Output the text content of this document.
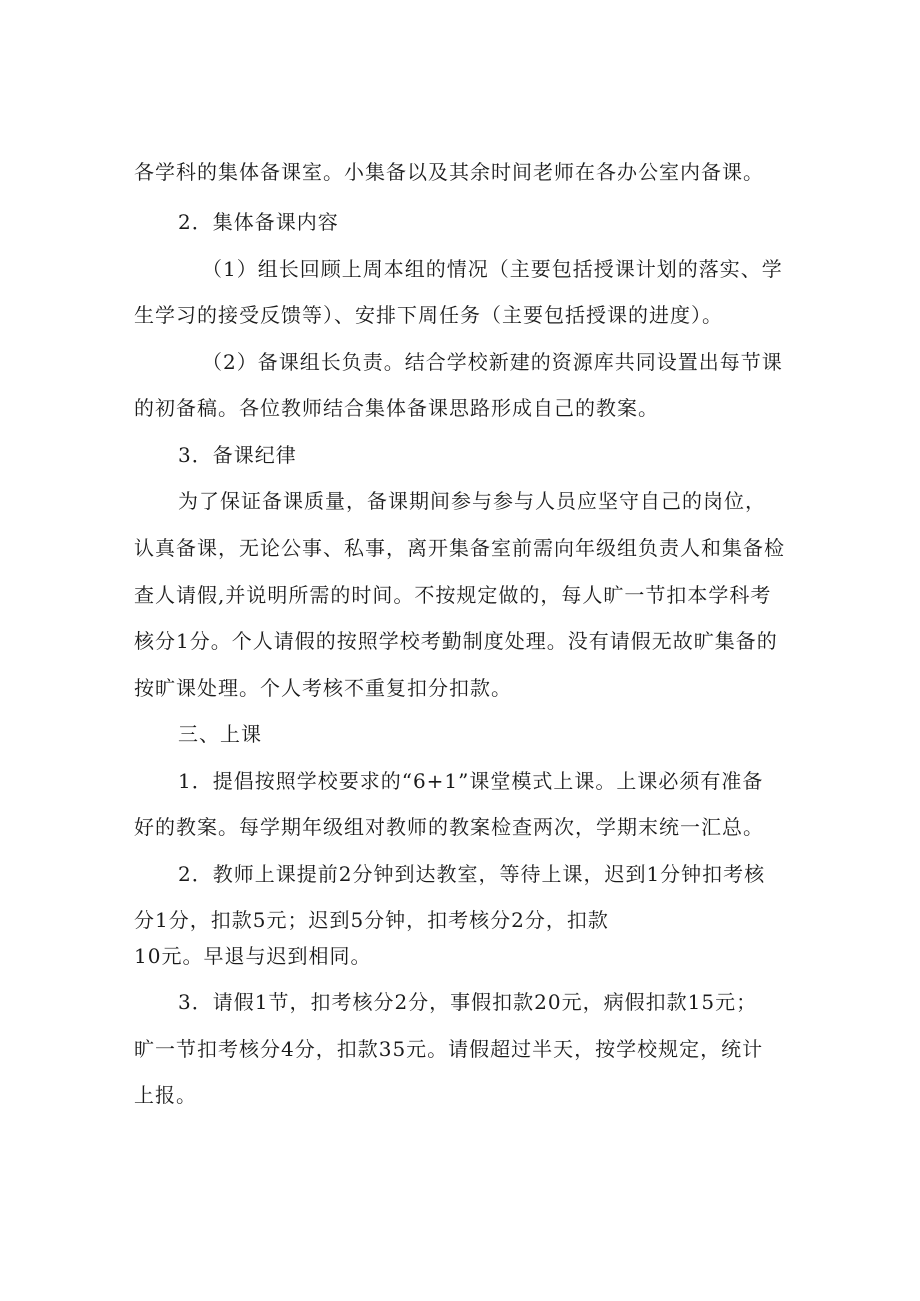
各学科的集体备课室。小集备以及其余时间老师在各办公室内备课。
2．集体备课内容
（1）组长回顾上周本组的情况（主要包括授课计划的落实、学
生学习的接受反馈等）、安排下周任务（主要包括授课的进度）。
（2）备课组长负责。结合学校新建的资源库共同设置出每节课
的初备稿。各位教师结合集体备课思路形成自己的教案。
3．备课纪律
为了保证备课质量，备课期间参与参与人员应坚守自己的岗位，
认真备课，无论公事、私事，离开集备室前需向年级组负责人和集备检
查人请假,并说明所需的时间。不按规定做的，每人旷一节扣本学科考
核分1分。个人请假的按照学校考勤制度处理。没有请假无故旷集备的
按旷课处理。个人考核不重复扣分扣款。
三、上课
1．提倡按照学校要求的“6+1”课堂模式上课。上课必须有准备
好的教案。每学期年级组对教师的教案检查两次，学期末统一汇总。
2．教师上课提前2分钟到达教室，等待上课，迟到1分钟扣考核
分1分，扣款5元；迟到5分钟，扣考核分2分，扣款
10元。早退与迟到相同。
3．请假1节，扣考核分2分，事假扣款20元，病假扣款15元；
旷一节扣考核分4分，扣款35元。请假超过半天，按学校规定，统计
上报。
